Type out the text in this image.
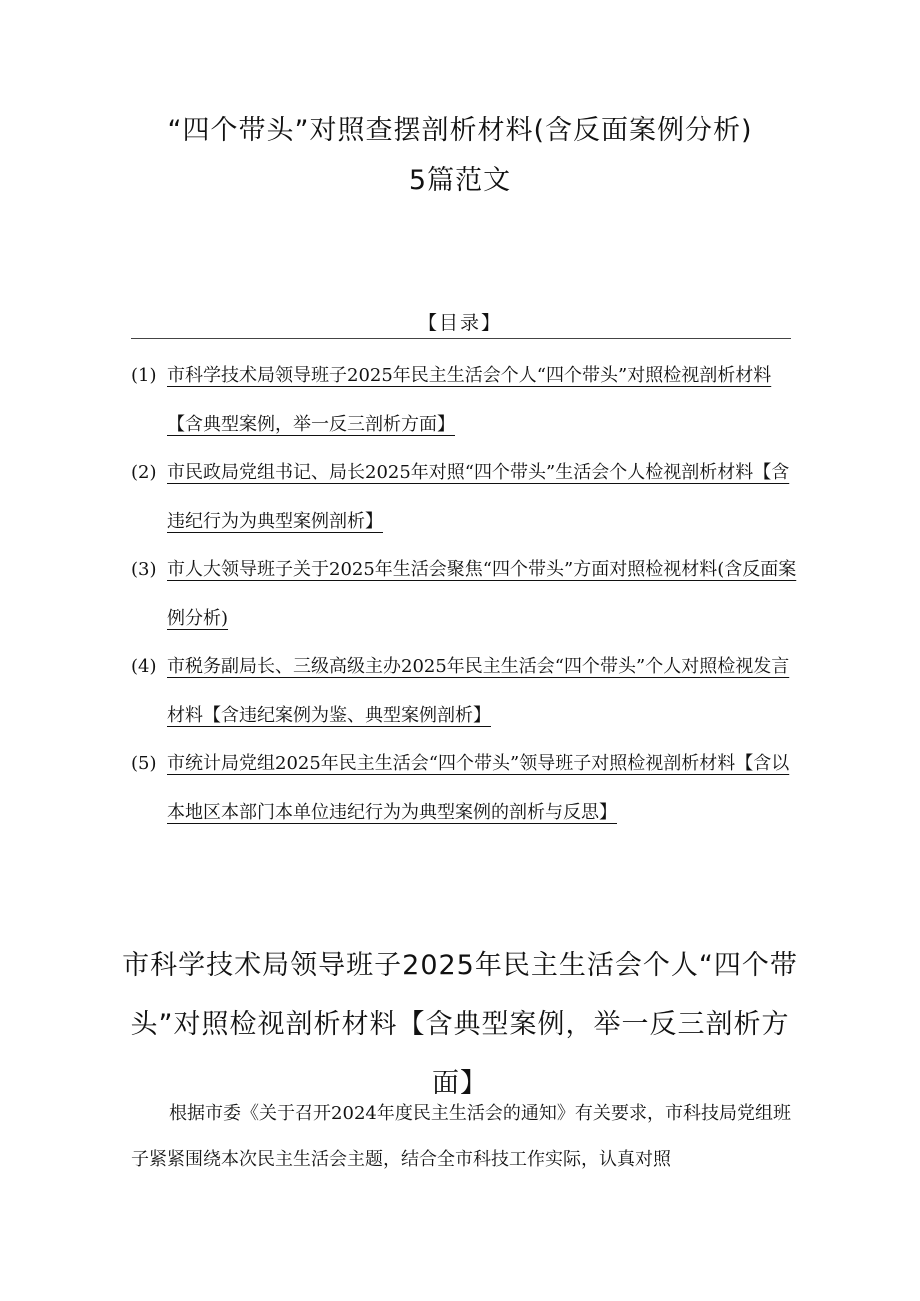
“四个带头”对照查摆剖析材料(含反面案例分析)
5篇范文
【目录】
(1) 市科学技术局领导班子2025年民主生活会个人“四个带头”对照检视剖析材料【含典型案例，举一反三剖析方面】
(2) 市民政局党组书记、局长2025年对照“四个带头”生活会个人检视剖析材料【含违纪行为为典型案例剖析】
(3) 市人大领导班子关于2025年生活会聚焦“四个带头”方面对照检视材料(含反面案例分析)
(4) 市税务副局长、三级高级主办2025年民主生活会“四个带头”个人对照检视发言材料【含违纪案例为鉴、典型案例剖析】
(5) 市统计局党组2025年民主生活会“四个带头”领导班子对照检视剖析材料【含以本地区本部门本单位违纪行为为典型案例的剖析与反思】
市科学技术局领导班子2025年民主生活会个人“四个带头”对照检视剖析材料【含典型案例，举一反三剖析方面】
根据市委《关于召开2024年度民主生活会的通知》有关要求，市科技局党组班子紧紧围绕本次民主生活会主题，结合全市科技工作实际，认真对照
